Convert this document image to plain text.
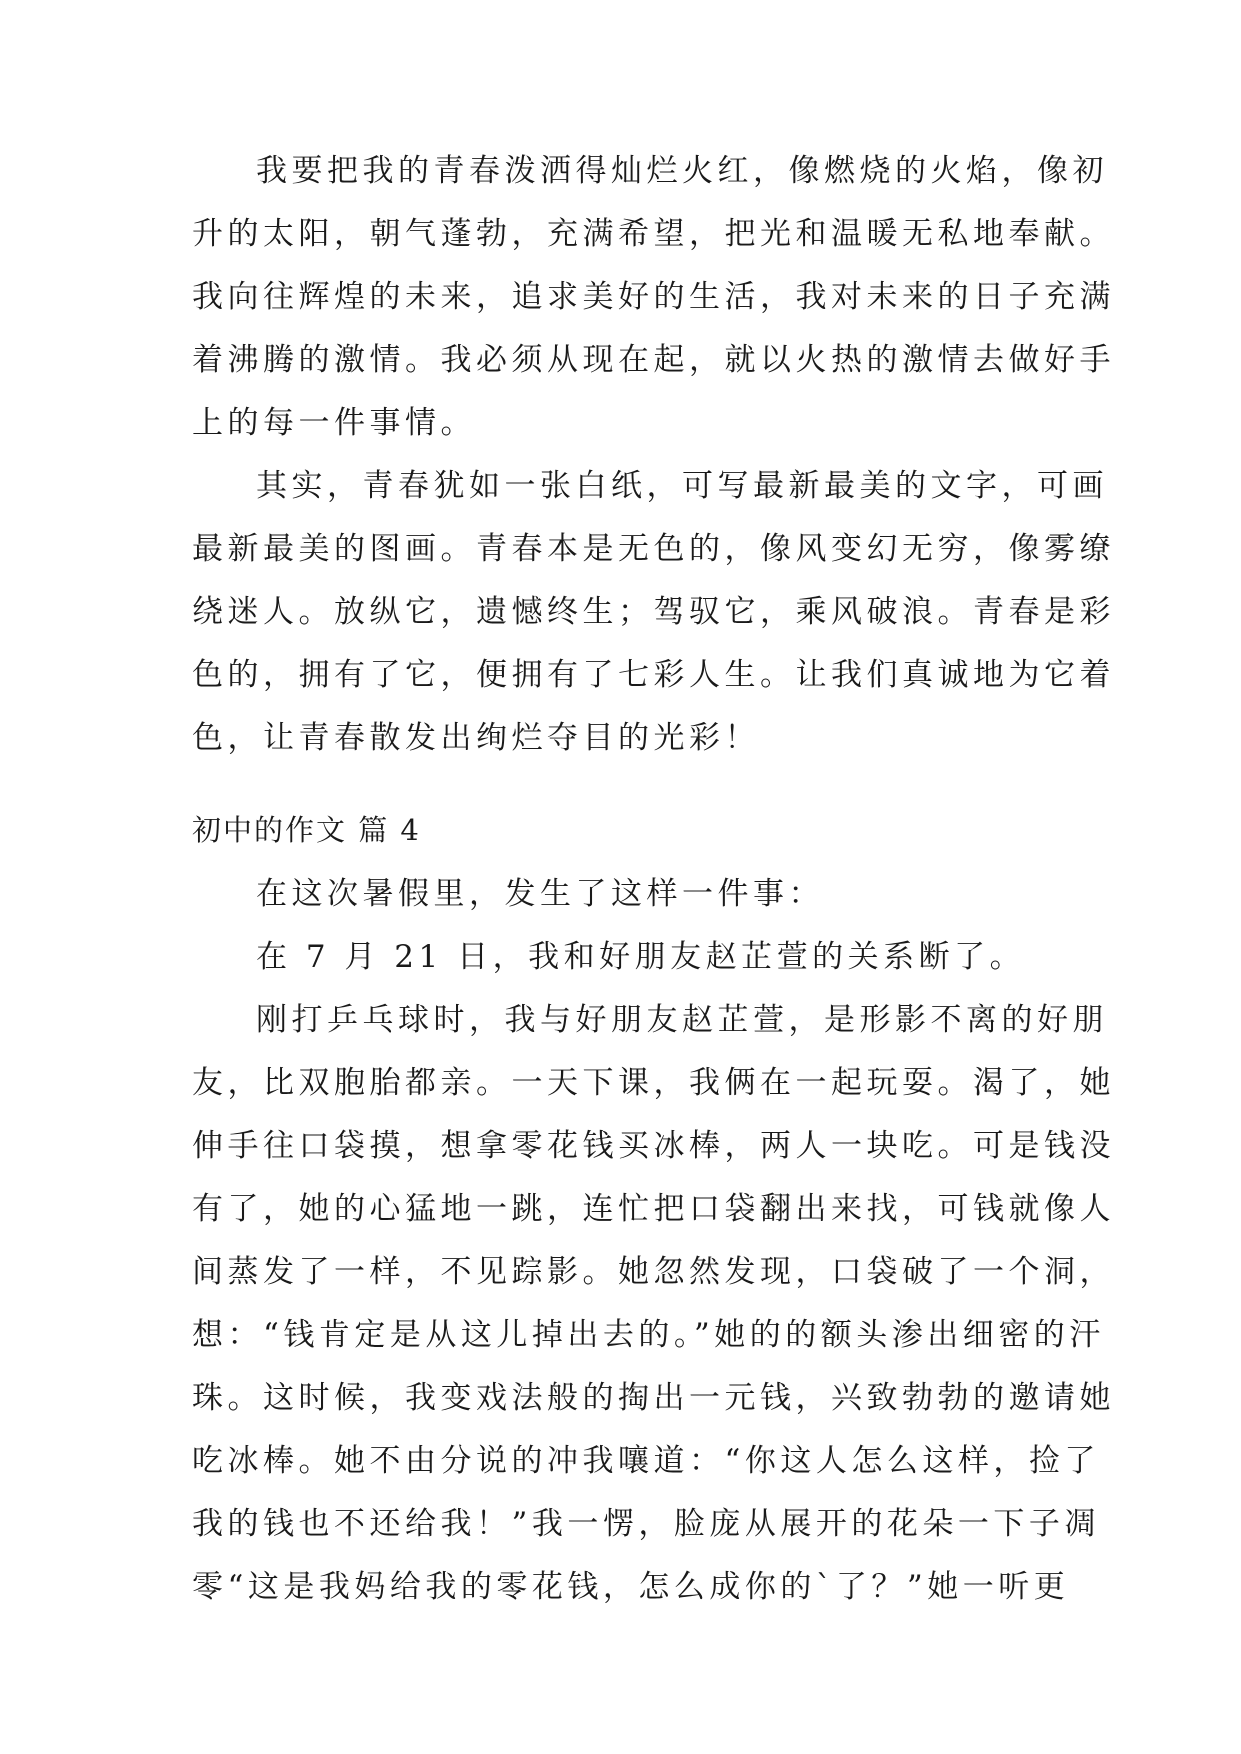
我要把我的青春泼洒得灿烂火红，像燃烧的火焰，像初
升的太阳，朝气蓬勃，充满希望，把光和温暖无私地奉献。
我向往辉煌的未来，追求美好的生活，我对未来的日子充满
着沸腾的激情。我必须从现在起，就以火热的激情去做好手
上的每一件事情。
其实，青春犹如一张白纸，可写最新最美的文字，可画
最新最美的图画。青春本是无色的，像风变幻无穷，像雾缭
绕迷人。放纵它，遗憾终生；驾驭它，乘风破浪。青春是彩
色的，拥有了它，便拥有了七彩人生。让我们真诚地为它着
色，让青春散发出绚烂夺目的光彩！
初中的作文 篇 4
在这次暑假里，发生了这样一件事：
在 7 月 21 日，我和好朋友赵芷萱的关系断了。
刚打乒乓球时，我与好朋友赵芷萱，是形影不离的好朋
友，比双胞胎都亲。一天下课，我俩在一起玩耍。渴了，她
伸手往口袋摸，想拿零花钱买冰棒，两人一块吃。可是钱没
有了，她的心猛地一跳，连忙把口袋翻出来找，可钱就像人
间蒸发了一样，不见踪影。她忽然发现，口袋破了一个洞，
想：“钱肯定是从这儿掉出去的。”她的的额头渗出细密的汗
珠。这时候，我变戏法般的掏出一元钱，兴致勃勃的邀请她
吃冰棒。她不由分说的冲我嚷道：“你这人怎么这样，捡了
我的钱也不还给我！”我一愣，脸庞从展开的花朵一下子凋
零“这是我妈给我的零花钱，怎么成你的`了？”她一听更
